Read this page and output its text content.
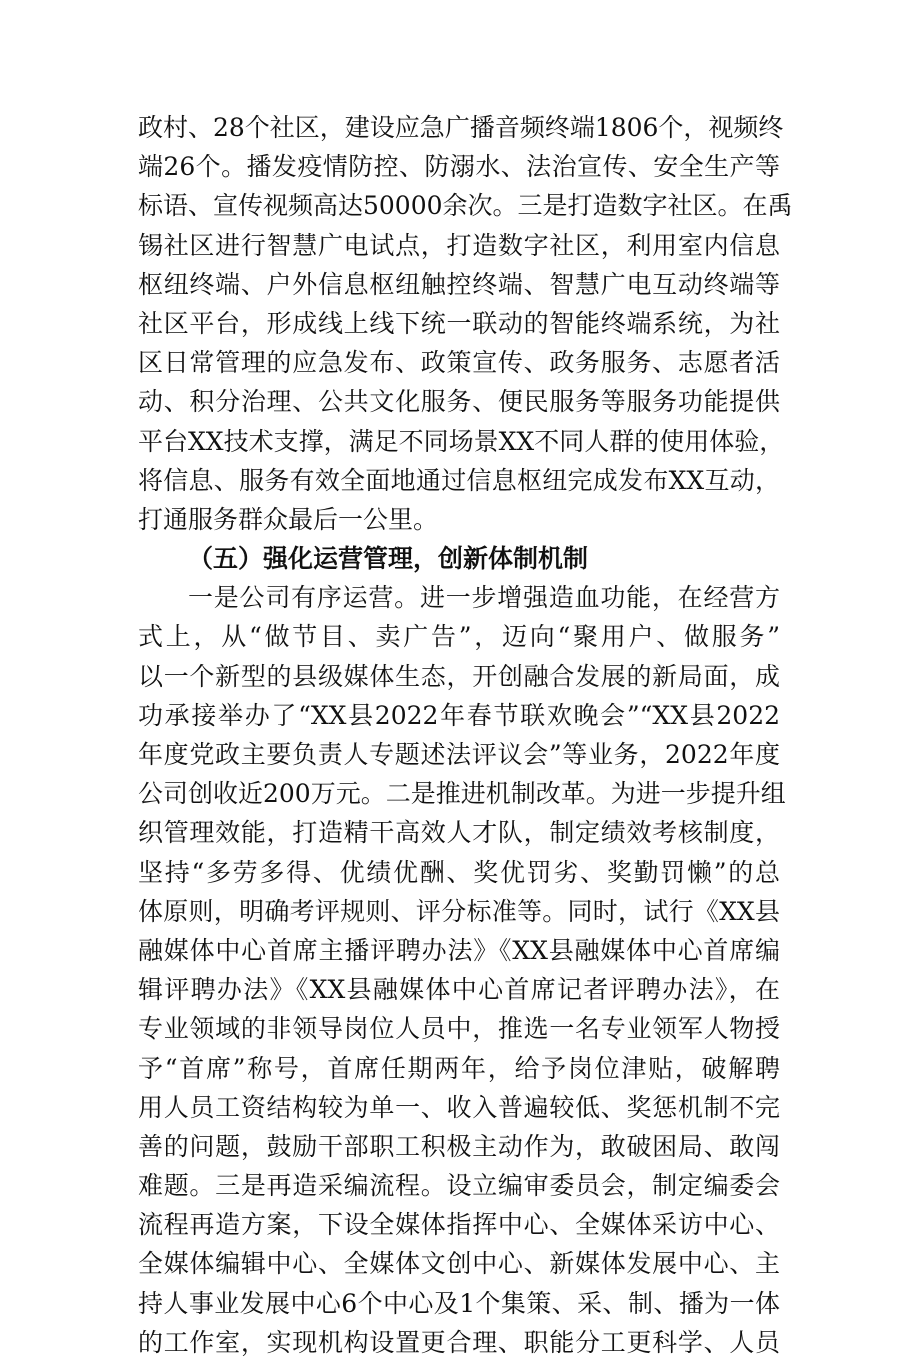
政村、28个社区，建设应急广播音频终端1806个，视频终
端26个。播发疫情防控、防溺水、法治宣传、安全生产等
标语、宣传视频高达50000余次。三是打造数字社区。在禹
锡社区进行智慧广电试点，打造数字社区，利用室内信息
枢纽终端、户外信息枢纽触控终端、智慧广电互动终端等
社区平台，形成线上线下统一联动的智能终端系统，为社
区日常管理的应急发布、政策宣传、政务服务、志愿者活
动、积分治理、公共文化服务、便民服务等服务功能提供
平台XX技术支撑，满足不同场景XX不同人群的使用体验，
将信息、服务有效全面地通过信息枢纽完成发布XX互动，
打通服务群众最后一公里。
（五）强化运营管理，创新体制机制
一是公司有序运营。进一步增强造血功能，在经营方
式上，从“做节目、卖广告”，迈向“聚用户、做服务”
以一个新型的县级媒体生态，开创融合发展的新局面，成
功承接举办了“XX县2022年春节联欢晚会”“XX县2022
年度党政主要负责人专题述法评议会”等业务，2022年度
公司创收近200万元。二是推进机制改革。为进一步提升组
织管理效能，打造精干高效人才队，制定绩效考核制度，
坚持“多劳多得、优绩优酬、奖优罚劣、奖勤罚懒”的总
体原则，明确考评规则、评分标准等。同时，试行《XX县
融媒体中心首席主播评聘办法》《XX县融媒体中心首席编
辑评聘办法》《XX县融媒体中心首席记者评聘办法》，在
专业领域的非领导岗位人员中，推选一名专业领军人物授
予“首席”称号，首席任期两年，给予岗位津贴，破解聘
用人员工资结构较为单一、收入普遍较低、奖惩机制不完
善的问题，鼓励干部职工积极主动作为，敢破困局、敢闯
难题。三是再造采编流程。设立编审委员会，制定编委会
流程再造方案，下设全媒体指挥中心、全媒体采访中心、
全媒体编辑中心、全媒体文创中心、新媒体发展中心、主
持人事业发展中心6个中心及1个集策、采、制、播为一体
的工作室，实现机构设置更合理、职能分工更科学、人员
